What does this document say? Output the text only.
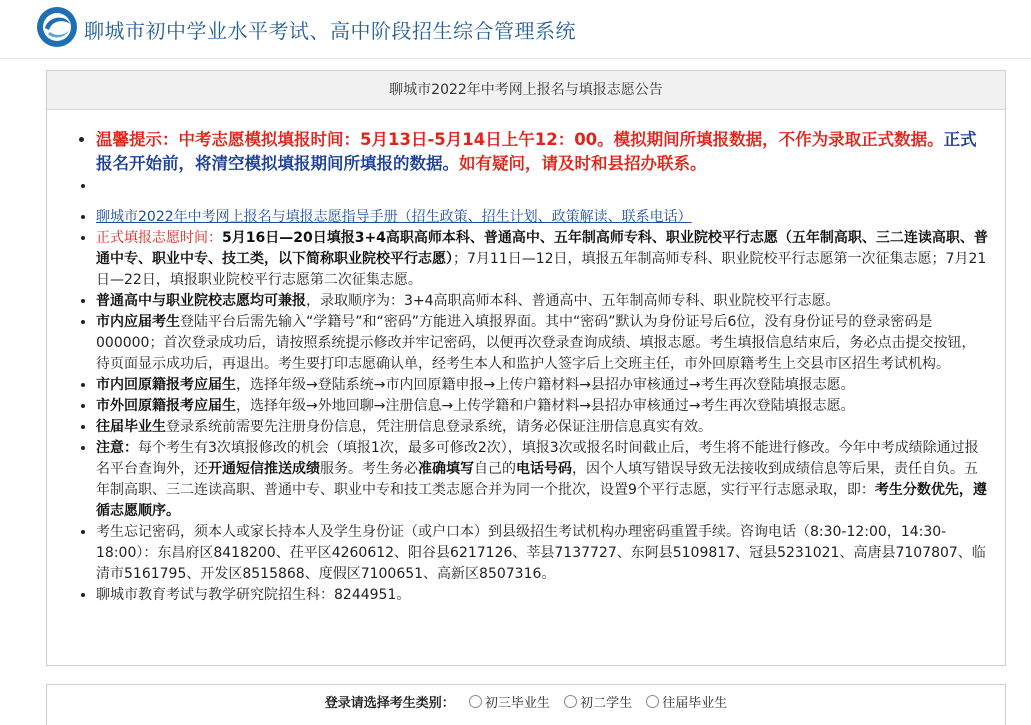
聊城市初中学业水平考试、高中阶段招生综合管理系统
聊城市2022年中考网上报名与填报志愿公告
• 温馨提示：中考志愿模拟填报时间：5月13日-5月14日上午12：00。模拟期间所填报数据，不作为录取正式数据。正式报名开始前，将清空模拟填报期间所填报的数据。如有疑问，请及时和县招办联系。
•
• 聊城市2022年中考网上报名与填报志愿指导手册（招生政策、招生计划、政策解读、联系电话）
• 正式填报志愿时间：5月16日—20日填报3+4高职高师本科、普通高中、五年制高师专科、职业院校平行志愿（五年制高职、三二连读高职、普通中专、职业中专、技工类，以下简称职业院校平行志愿）；7月11日—12日，填报五年制高师专科、职业院校平行志愿第一次征集志愿；7月21日—22日，填报职业院校平行志愿第二次征集志愿。
• 普通高中与职业院校志愿均可兼报，录取顺序为：3+4高职高师本科、普通高中、五年制高师专科、职业院校平行志愿。
• 市内应届考生登陆平台后需先输入“学籍号”和“密码”方能进入填报界面。其中“密码”默认为身份证号后6位，没有身份证号的登录密码是000000；首次登录成功后，请按照系统提示修改并牢记密码，以便再次登录查询成绩、填报志愿。考生填报信息结束后，务必点击提交按钮，待页面显示成功后，再退出。考生要打印志愿确认单，经考生本人和监护人签字后上交班主任，市外回原籍考生上交县市区招生考试机构。
• 市内回原籍报考应届生，选择年级→登陆系统→市内回原籍申报→上传户籍材料→县招办审核通过→考生再次登陆填报志愿。
• 市外回原籍报考应届生，选择年级→外地回聊→注册信息→上传学籍和户籍材料→县招办审核通过→考生再次登陆填报志愿。
• 往届毕业生登录系统前需要先注册身份信息，凭注册信息登录系统，请务必保证注册信息真实有效。
• 注意：每个考生有3次填报修改的机会（填报1次，最多可修改2次），填报3次或报名时间截止后，考生将不能进行修改。今年中考成绩除通过报名平台查询外，还开通短信推送成绩服务。考生务必准确填写自己的电话号码，因个人填写错误导致无法接收到成绩信息等后果，责任自负。五年制高职、三二连读高职、普通中专、职业中专和技工类志愿合并为同一个批次，设置9个平行志愿，实行平行志愿录取，即：考生分数优先，遵循志愿顺序。
• 考生忘记密码，须本人或家长持本人及学生身份证（或户口本）到县级招生考试机构办理密码重置手续。咨询电话（8:30-12:00，14:30-18:00）：东昌府区8418200、茌平区4260612、阳谷县6217126、莘县7137727、东阿县5109817、冠县5231021、高唐县7107807、临清市5161795、开发区8515868、度假区7100651、高新区8507316。
• 聊城市教育考试与教学研究院招生科：8244951。
登录请选择考生类别： 初三毕业生 初二学生 往届毕业生
